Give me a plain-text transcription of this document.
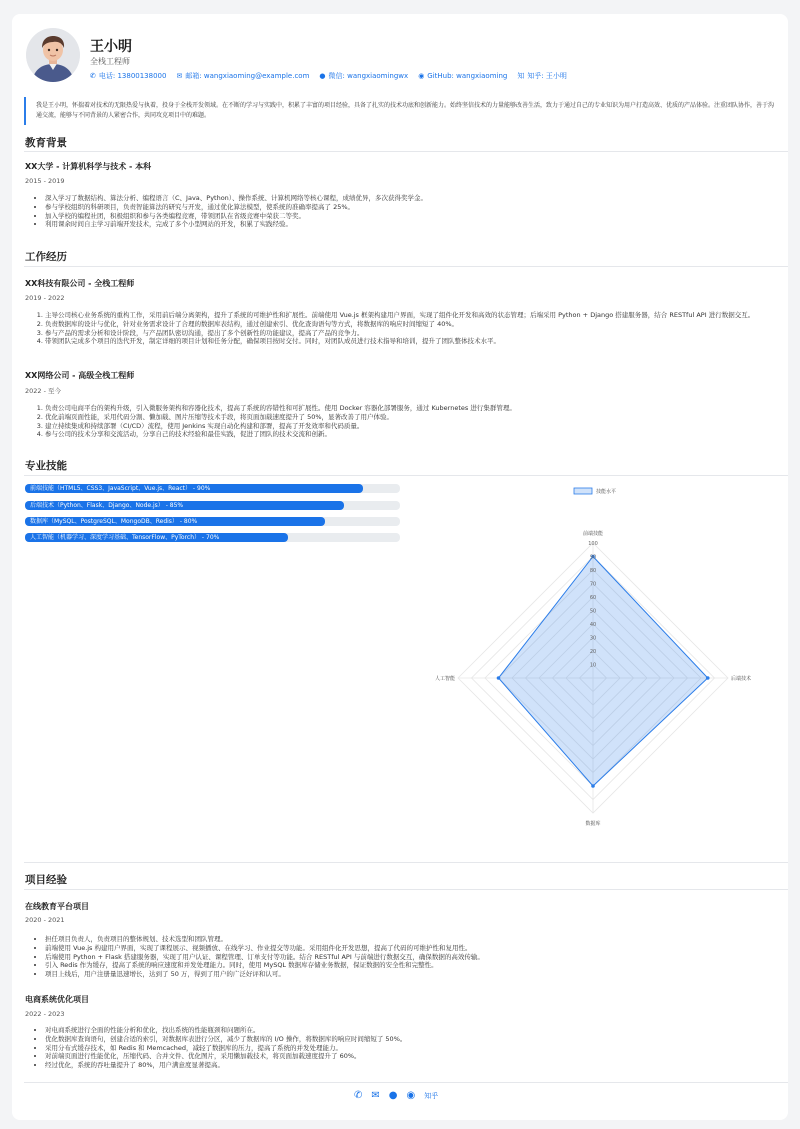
王小明
全栈工程师
✆ 电话: 13800138000 ✉ 邮箱: wangxiaoming@example.com ● 微信: wangxiaomingwx ◉ GitHub: wangxiaoming 知 知乎: 王小明
我是王小明，怀揣着对技术的无限热爱与执着，投身于全栈开发领域。在不断的学习与实践中，积累了丰富的项目经验，具备了扎实的技术功底和创新能力。始终坚信技术的力量能够改善生活，致力于通过自己的专业知识为用户打造高效、优质的产品体验。注重团队协作，善于沟通交流，能够与不同背景的人紧密合作，共同攻克项目中的难题。
教育背景
XX大学 - 计算机科学与技术 - 本科
2015 - 2019
• 深入学习了数据结构、算法分析、编程语言（C、Java、Python）、操作系统、计算机网络等核心课程，成绩优异，多次获得奖学金。
• 参与学校组织的科研项目，负责智能算法的研究与开发，通过优化算法模型，使系统的准确率提高了 25%。
• 加入学校的编程社团，积极组织和参与各类编程竞赛，带领团队在省级竞赛中荣获二等奖。
• 利用课余时间自主学习前端开发技术，完成了多个小型网站的开发，积累了实践经验。
工作经历
XX科技有限公司 - 全栈工程师
2019 - 2022
1. 主导公司核心业务系统的重构工作，采用前后端分离架构，提升了系统的可维护性和扩展性。前端使用 Vue.js 框架构建用户界面，实现了组件化开发和高效的状态管理；后端采用 Python + Django 搭建服务器，结合 RESTful API 进行数据交互。
2. 负责数据库的设计与优化，针对业务需求设计了合理的数据库表结构，通过创建索引、优化查询语句等方式，将数据库的响应时间缩短了 40%。
3. 参与产品的需求分析和设计阶段，与产品团队密切沟通，提出了多个创新性的功能建议，提高了产品的竞争力。
4. 带领团队完成多个项目的迭代开发，制定详细的项目计划和任务分配，确保项目按时交付。同时，对团队成员进行技术指导和培训，提升了团队整体技术水平。
XX网络公司 - 高级全栈工程师
2022 - 至今
1. 负责公司电商平台的架构升级，引入微服务架构和容器化技术，提高了系统的容错性和可扩展性。使用 Docker 容器化部署服务，通过 Kubernetes 进行集群管理。
2. 优化前端页面性能，采用代码分割、懒加载、图片压缩等技术手段，将页面加载速度提升了 50%，显著改善了用户体验。
3. 建立持续集成和持续部署（CI/CD）流程，使用 Jenkins 实现自动化构建和部署，提高了开发效率和代码质量。
4. 参与公司的技术分享和交流活动，分享自己的技术经验和最佳实践，促进了团队的技术交流和创新。
专业技能
前端技能（HTML5、CSS3、JavaScript、Vue.js、React） - 90%
后端技术（Python、Flask、Django、Node.js） - 85%
数据库（MySQL、PostgreSQL、MongoDB、Redis） - 80%
人工智能（机器学习、深度学习基础、TensorFlow、PyTorch） - 70%
10
20
30
40
50
60
70
80
90
100
前端技能
后端技术
数据库
人工智能
技能水平
项目经验
在线教育平台项目
2020 - 2021
• 担任项目负责人，负责项目的整体规划、技术选型和团队管理。
• 前端使用 Vue.js 构建用户界面，实现了课程展示、视频播放、在线学习、作业提交等功能。采用组件化开发思想，提高了代码的可维护性和复用性。
• 后端使用 Python + Flask 搭建服务器，实现了用户认证、课程管理、订单支付等功能。结合 RESTful API 与前端进行数据交互，确保数据的高效传输。
• 引入 Redis 作为缓存，提高了系统的响应速度和并发处理能力。同时，使用 MySQL 数据库存储业务数据，保证数据的安全性和完整性。
• 项目上线后，用户注册量迅速增长，达到了 50 万，得到了用户的广泛好评和认可。
电商系统优化项目
2022 - 2023
• 对电商系统进行全面的性能分析和优化，找出系统的性能瓶颈和问题所在。
• 优化数据库查询语句，创建合适的索引，对数据库表进行分区，减少了数据库的 I/O 操作，将数据库的响应时间缩短了 50%。
• 采用分布式缓存技术，如 Redis 和 Memcached，减轻了数据库的压力，提高了系统的并发处理能力。
• 对前端页面进行性能优化，压缩代码、合并文件、优化图片，采用懒加载技术，将页面加载速度提升了 60%。
• 经过优化，系统的吞吐量提升了 80%，用户满意度显著提高。
✆ ✉ ● ◉ 知乎
